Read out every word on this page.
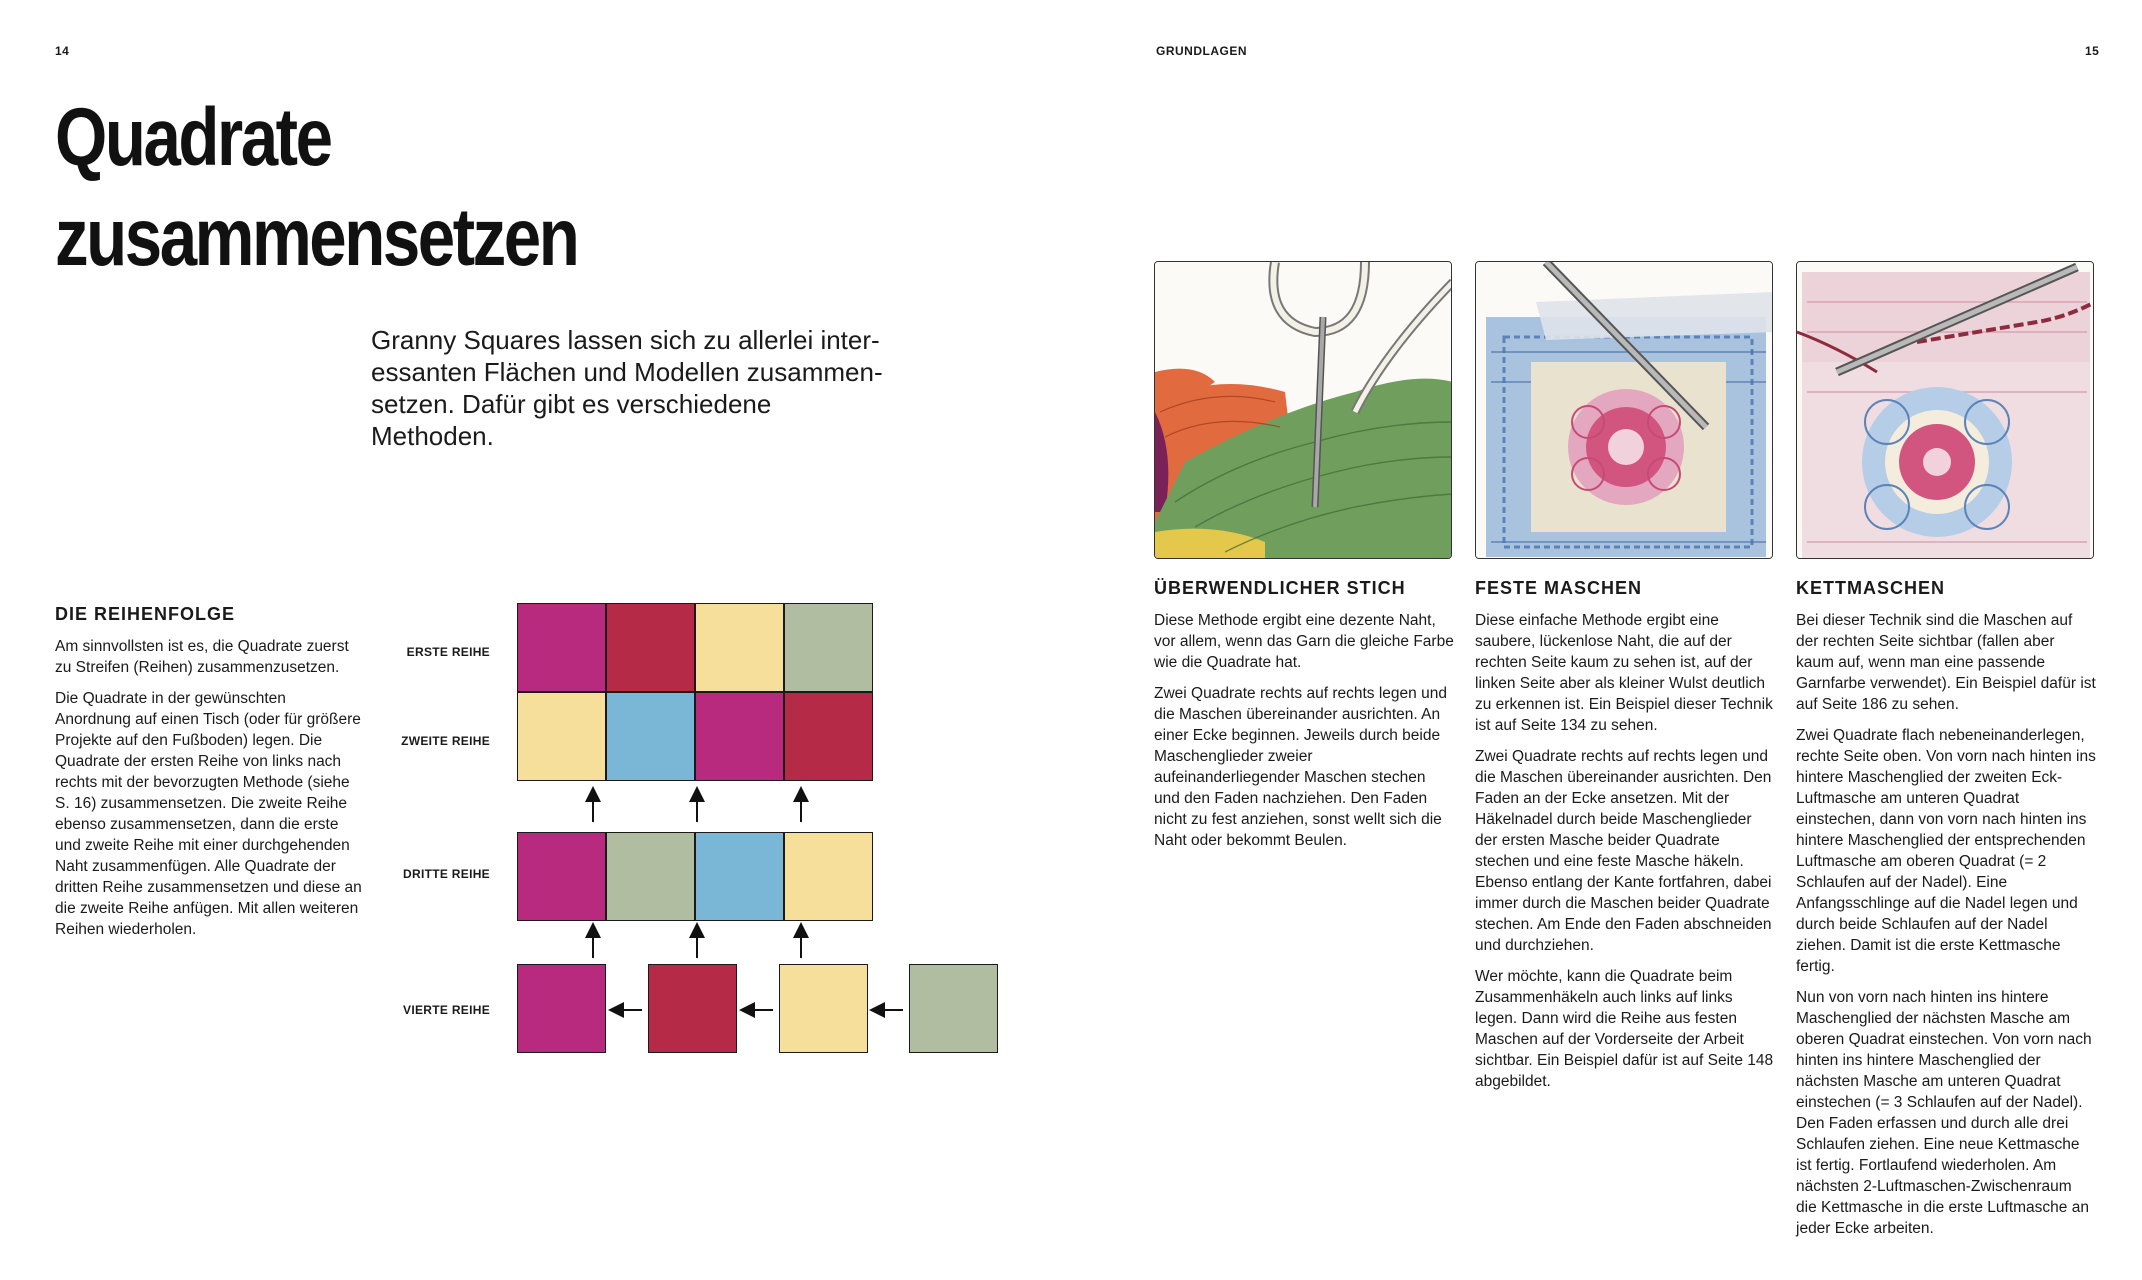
14	GRUNDLAGEN	15
Quadrate
zusammensetzen
Granny Squares lassen sich zu allerlei inter-
essanten Flächen und Modellen zusammen-
setzen. Dafür gibt es verschiedene Methoden.
DIE REIHENFOLGE

Am sinnvollsten ist es, die Quadrate zuerst zu Streifen (Reihen) zusammenzusetzen.

Die Quadrate in der gewünschten Anordnung auf einen Tisch (oder für größere Projekte auf den Fußboden) legen. Die Quadrate der ersten Reihe von links nach rechts mit der bevorzugten Methode (siehe S. 16) zusammensetzen. Die zweite Reihe ebenso zusammensetzen, dann die erste und zweite Reihe mit einer durchgehenden Naht zusammenfügen. Alle Quadrate der dritten Reihe zusammensetzen und diese an die zweite Reihe anfügen. Mit allen weiteren Reihen wiederholen.

ERSTE REIHE
ZWEITE REIHE
DRITTE REIHE
VIERTE REIHE
ÜBERWENDLICHER STICH

Diese Methode ergibt eine dezente Naht, vor allem, wenn das Garn die gleiche Farbe wie die Quadrate hat.

Zwei Quadrate rechts auf rechts legen und die Maschen übereinander ausrichten. An einer Ecke beginnen. Jeweils durch beide Maschenglieder zweier aufeinanderliegender Maschen stechen und den Faden nachziehen. Den Faden nicht zu fest anziehen, sonst wellt sich die Naht oder bekommt Beulen.

FESTE MASCHEN

Diese einfache Methode ergibt eine saubere, lückenlose Naht, die auf der rechten Seite kaum zu sehen ist, auf der linken Seite aber als kleiner Wulst deutlich zu erkennen ist. Ein Beispiel dieser Technik ist auf Seite 134 zu sehen.

Zwei Quadrate rechts auf rechts legen und die Maschen übereinander ausrichten. Den Faden an der Ecke ansetzen. Mit der Häkelnadel durch beide Maschenglieder der ersten Masche beider Quadrate stechen und eine feste Masche häkeln. Ebenso entlang der Kante fortfahren, dabei immer durch die Maschen beider Quadrate stechen. Am Ende den Faden abschneiden und durchziehen.

Wer möchte, kann die Quadrate beim Zusammenhäkeln auch links auf links legen. Dann wird die Reihe aus festen Maschen auf der Vorderseite der Arbeit sichtbar. Ein Beispiel dafür ist auf Seite 148 abgebildet.

KETTMASCHEN

Bei dieser Technik sind die Maschen auf der rechten Seite sichtbar (fallen aber kaum auf, wenn man eine passende Garnfarbe verwendet). Ein Beispiel dafür ist auf Seite 186 zu sehen.

Zwei Quadrate flach nebeneinanderlegen, rechte Seite oben. Von vorn nach hinten ins hintere Maschenglied der zweiten Eck-Luftmasche am unteren Quadrat einstechen, dann von vorn nach hinten ins hintere Maschenglied der entsprechenden Luftmasche am oberen Quadrat (= 2 Schlaufen auf der Nadel). Eine Anfangsschlinge auf die Nadel legen und durch beide Schlaufen auf der Nadel ziehen. Damit ist die erste Kettmasche fertig.

Nun von vorn nach hinten ins hintere Maschenglied der nächsten Masche am oberen Quadrat einstechen. Von vorn nach hinten ins hintere Maschenglied der nächsten Masche am unteren Quadrat einstechen (= 3 Schlaufen auf der Nadel). Den Faden erfassen und durch alle drei Schlaufen ziehen. Eine neue Kettmasche ist fertig. Fortlaufend wiederholen. Am nächsten 2-Luftmaschen-Zwischenraum die Kettmasche in die erste Luftmasche an jeder Ecke arbeiten.
